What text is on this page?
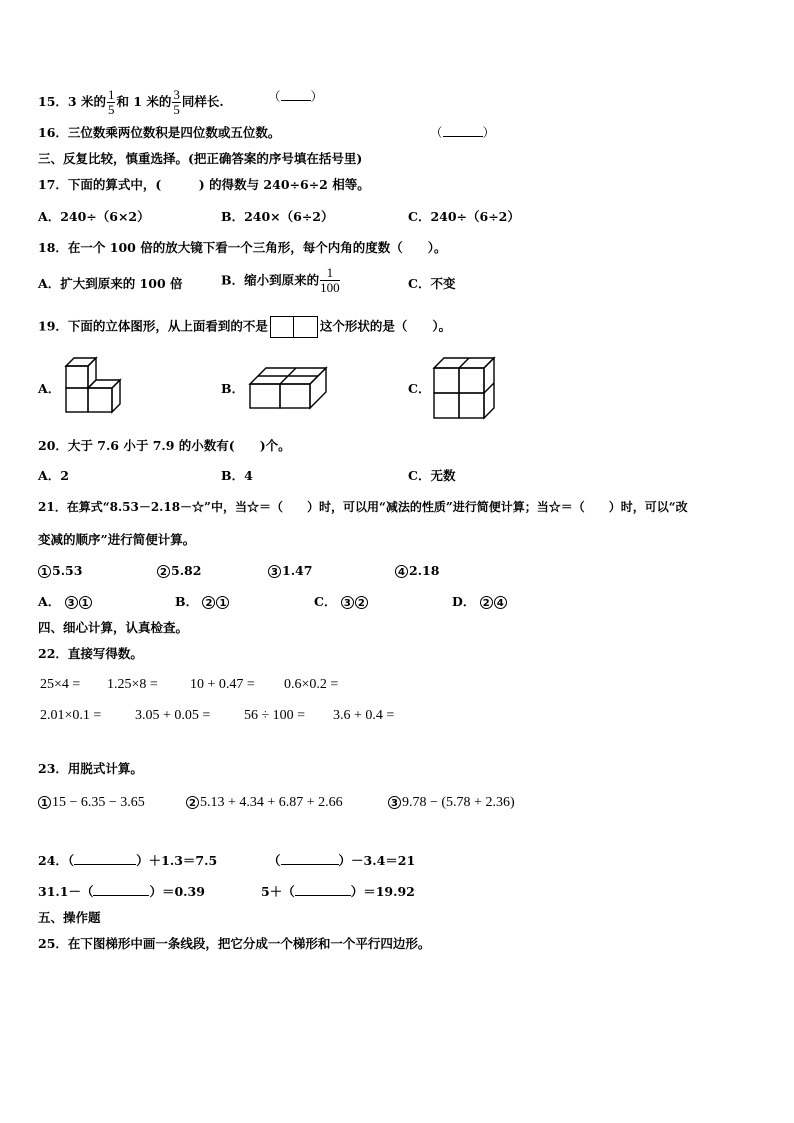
15．3 米的 $\frac{1}{5}$ 和 1 米的 $\frac{3}{5}$ 同样长.	（ ）
16．三位数乘两位数积是四位数或五位数。	（	）
三、反复比较，慎重选择。(把正确答案的序号填在括号里)
17．下面的算式中，(　　　) 的得数与 240÷6÷2 相等。
A．240÷（6×2）	B．240×（6÷2）	C．240÷（6÷2）
18．在一个 100 倍的放大镜下看一个三角形，每个内角的度数（　　）。
A．扩大到原来的 100 倍	B．缩小到原来的 $\frac{1}{100}$	C．不变
19．下面的立体图形，从上面看到的不是	这个形状的是（　　）。
A．	B．	C．
20．大于 7.6 小于 7.9 的小数有(　　)个。
A．2	B．4	C．无数
21．在算式“8.53－2.18－☆”中，当☆＝（　　）时，可以用“减法的性质”进行简便计算；当☆＝（　　）时，可以“改
变减的顺序”进行简便计算。
1 5.53	2 5.82	3 1.47	4 2.18
A． 3 1	B． 2 1	C． 3 2	D． 2 4
四、细心计算，认真检查。
22．直接写得数。
25×4 = 1.25×8 = 10 + 0.47 = 0.6×0.2 =
2.01×0.1 = 3.05 + 0.05 = 56 ÷ 100 = 3.6 + 0.4 =
23．用脱式计算。
1 15 − 6.35 − 3.65	2 5.13 + 4.34 + 6.87 + 2.66	3 9.78 − (5.78 + 2.36)
24．（	）＋1.3＝7.5	（	）－3.4＝21
31.1－（	）＝0.39	5＋（	）＝19.92
五、操作题
25．在下图梯形中画一条线段，把它分成一个梯形和一个平行四边形。
